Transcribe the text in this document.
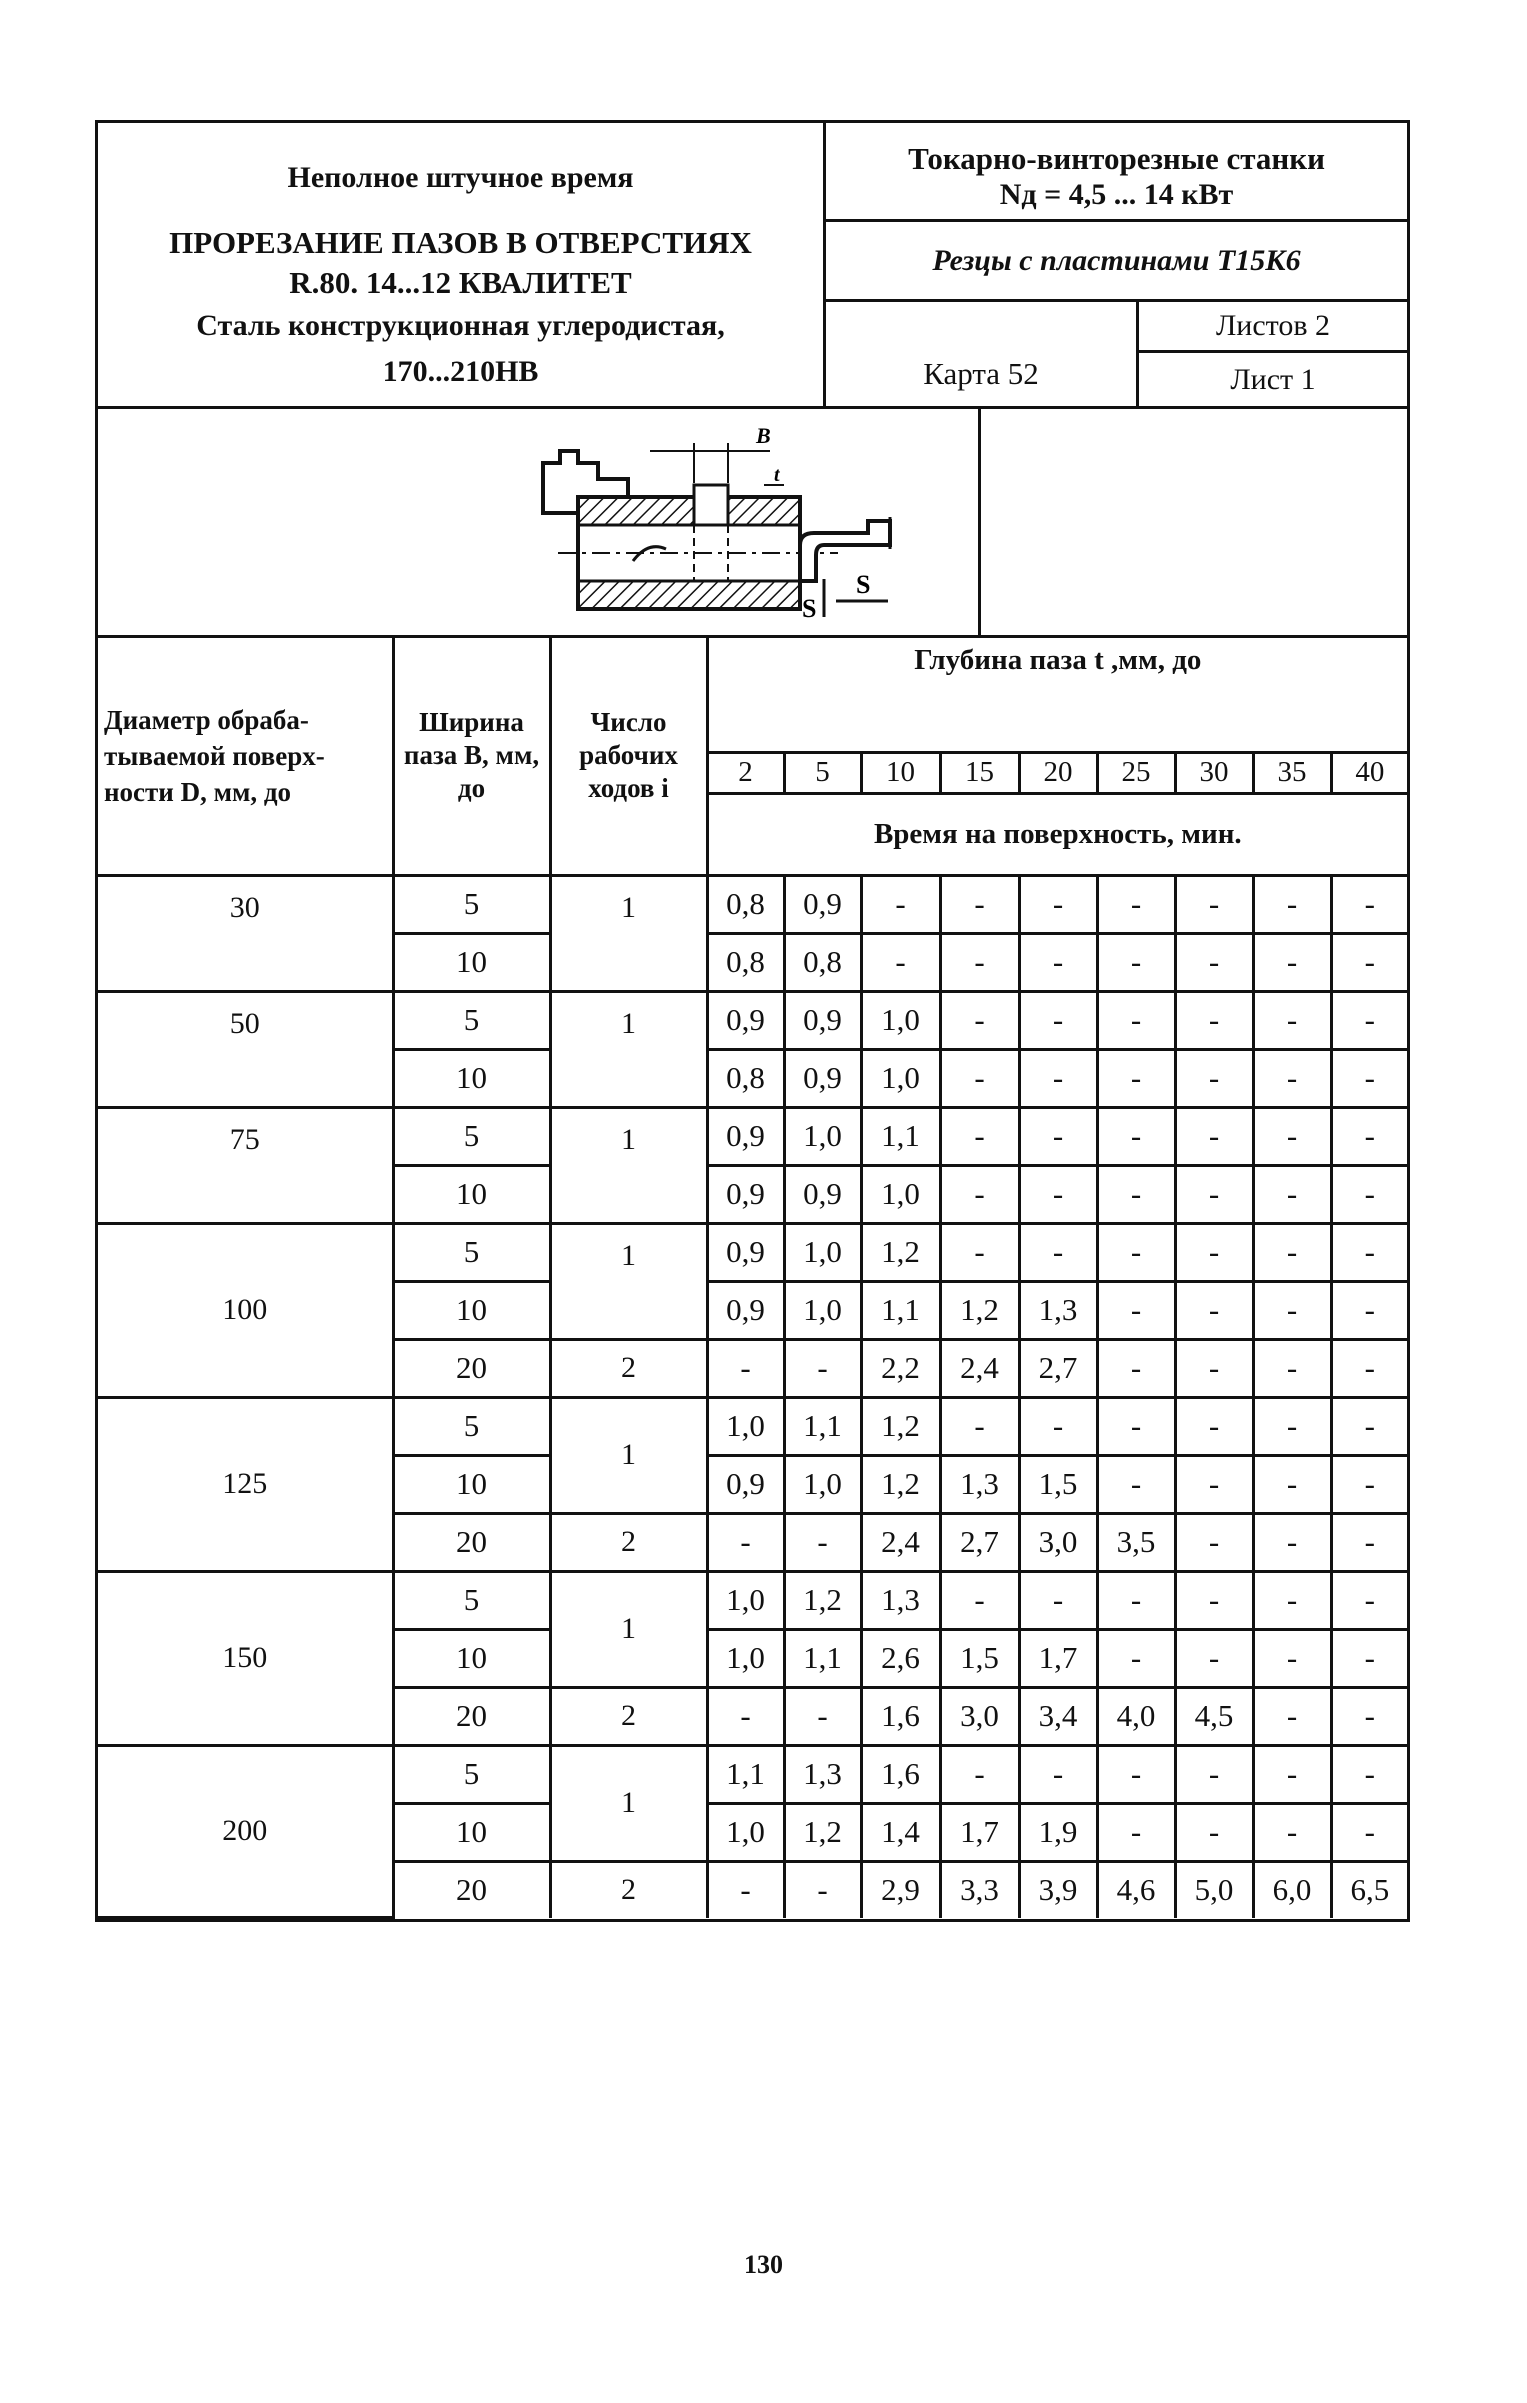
Неполное штучное время
ПРОРЕЗАНИЕ ПАЗОВ В ОТВЕРСТИЯХ
R.80. 14...12 КВАЛИТЕТ
Сталь конструкционная углеродистая,
170...210НВ
Токарно-винторезные станки
Nд = 4,5 ... 14 кВт
Резцы с пластинами Т15К6
Карта 52
Листов 2
Лист 1
B
t
S
S
Диаметр обраба-тываемой поверх-ности D, мм, до	Ширина паза В, мм, до	Число рабочих ходов i	Глубина паза t ,мм, до								
			2	5	10	15	20	25	30	35	40
			Время на поверхность, мин.								
30	5	1	0,8	0,9	-	-	-	-	-	-	-
	10		0,8	0,8	-	-	-	-	-	-	-
50	5	1	0,9	0,9	1,0	-	-	-	-	-	-
	10		0,8	0,9	1,0	-	-	-	-	-	-
75	5	1	0,9	1,0	1,1	-	-	-	-	-	-
	10		0,9	0,9	1,0	-	-	-	-	-	-
100	5	1	0,9	1,0	1,2	-	-	-	-	-	-
	10		0,9	1,0	1,1	1,2	1,3	-	-	-	-
	20	2	-	-	2,2	2,4	2,7	-	-	-	-
125	5	1	1,0	1,1	1,2	-	-	-	-	-	-
	10		0,9	1,0	1,2	1,3	1,5	-	-	-	-
	20	2	-	-	2,4	2,7	3,0	3,5	-	-	-
150	5	1	1,0	1,2	1,3	-	-	-	-	-	-
	10		1,0	1,1	2,6	1,5	1,7	-	-	-	-
	20	2	-	-	1,6	3,0	3,4	4,0	4,5	-	-
200	5	1	1,1	1,3	1,6	-	-	-	-	-	-
	10		1,0	1,2	1,4	1,7	1,9	-	-	-	-
	20	2	-	-	2,9	3,3	3,9	4,6	5,0	6,0	6,5
130
